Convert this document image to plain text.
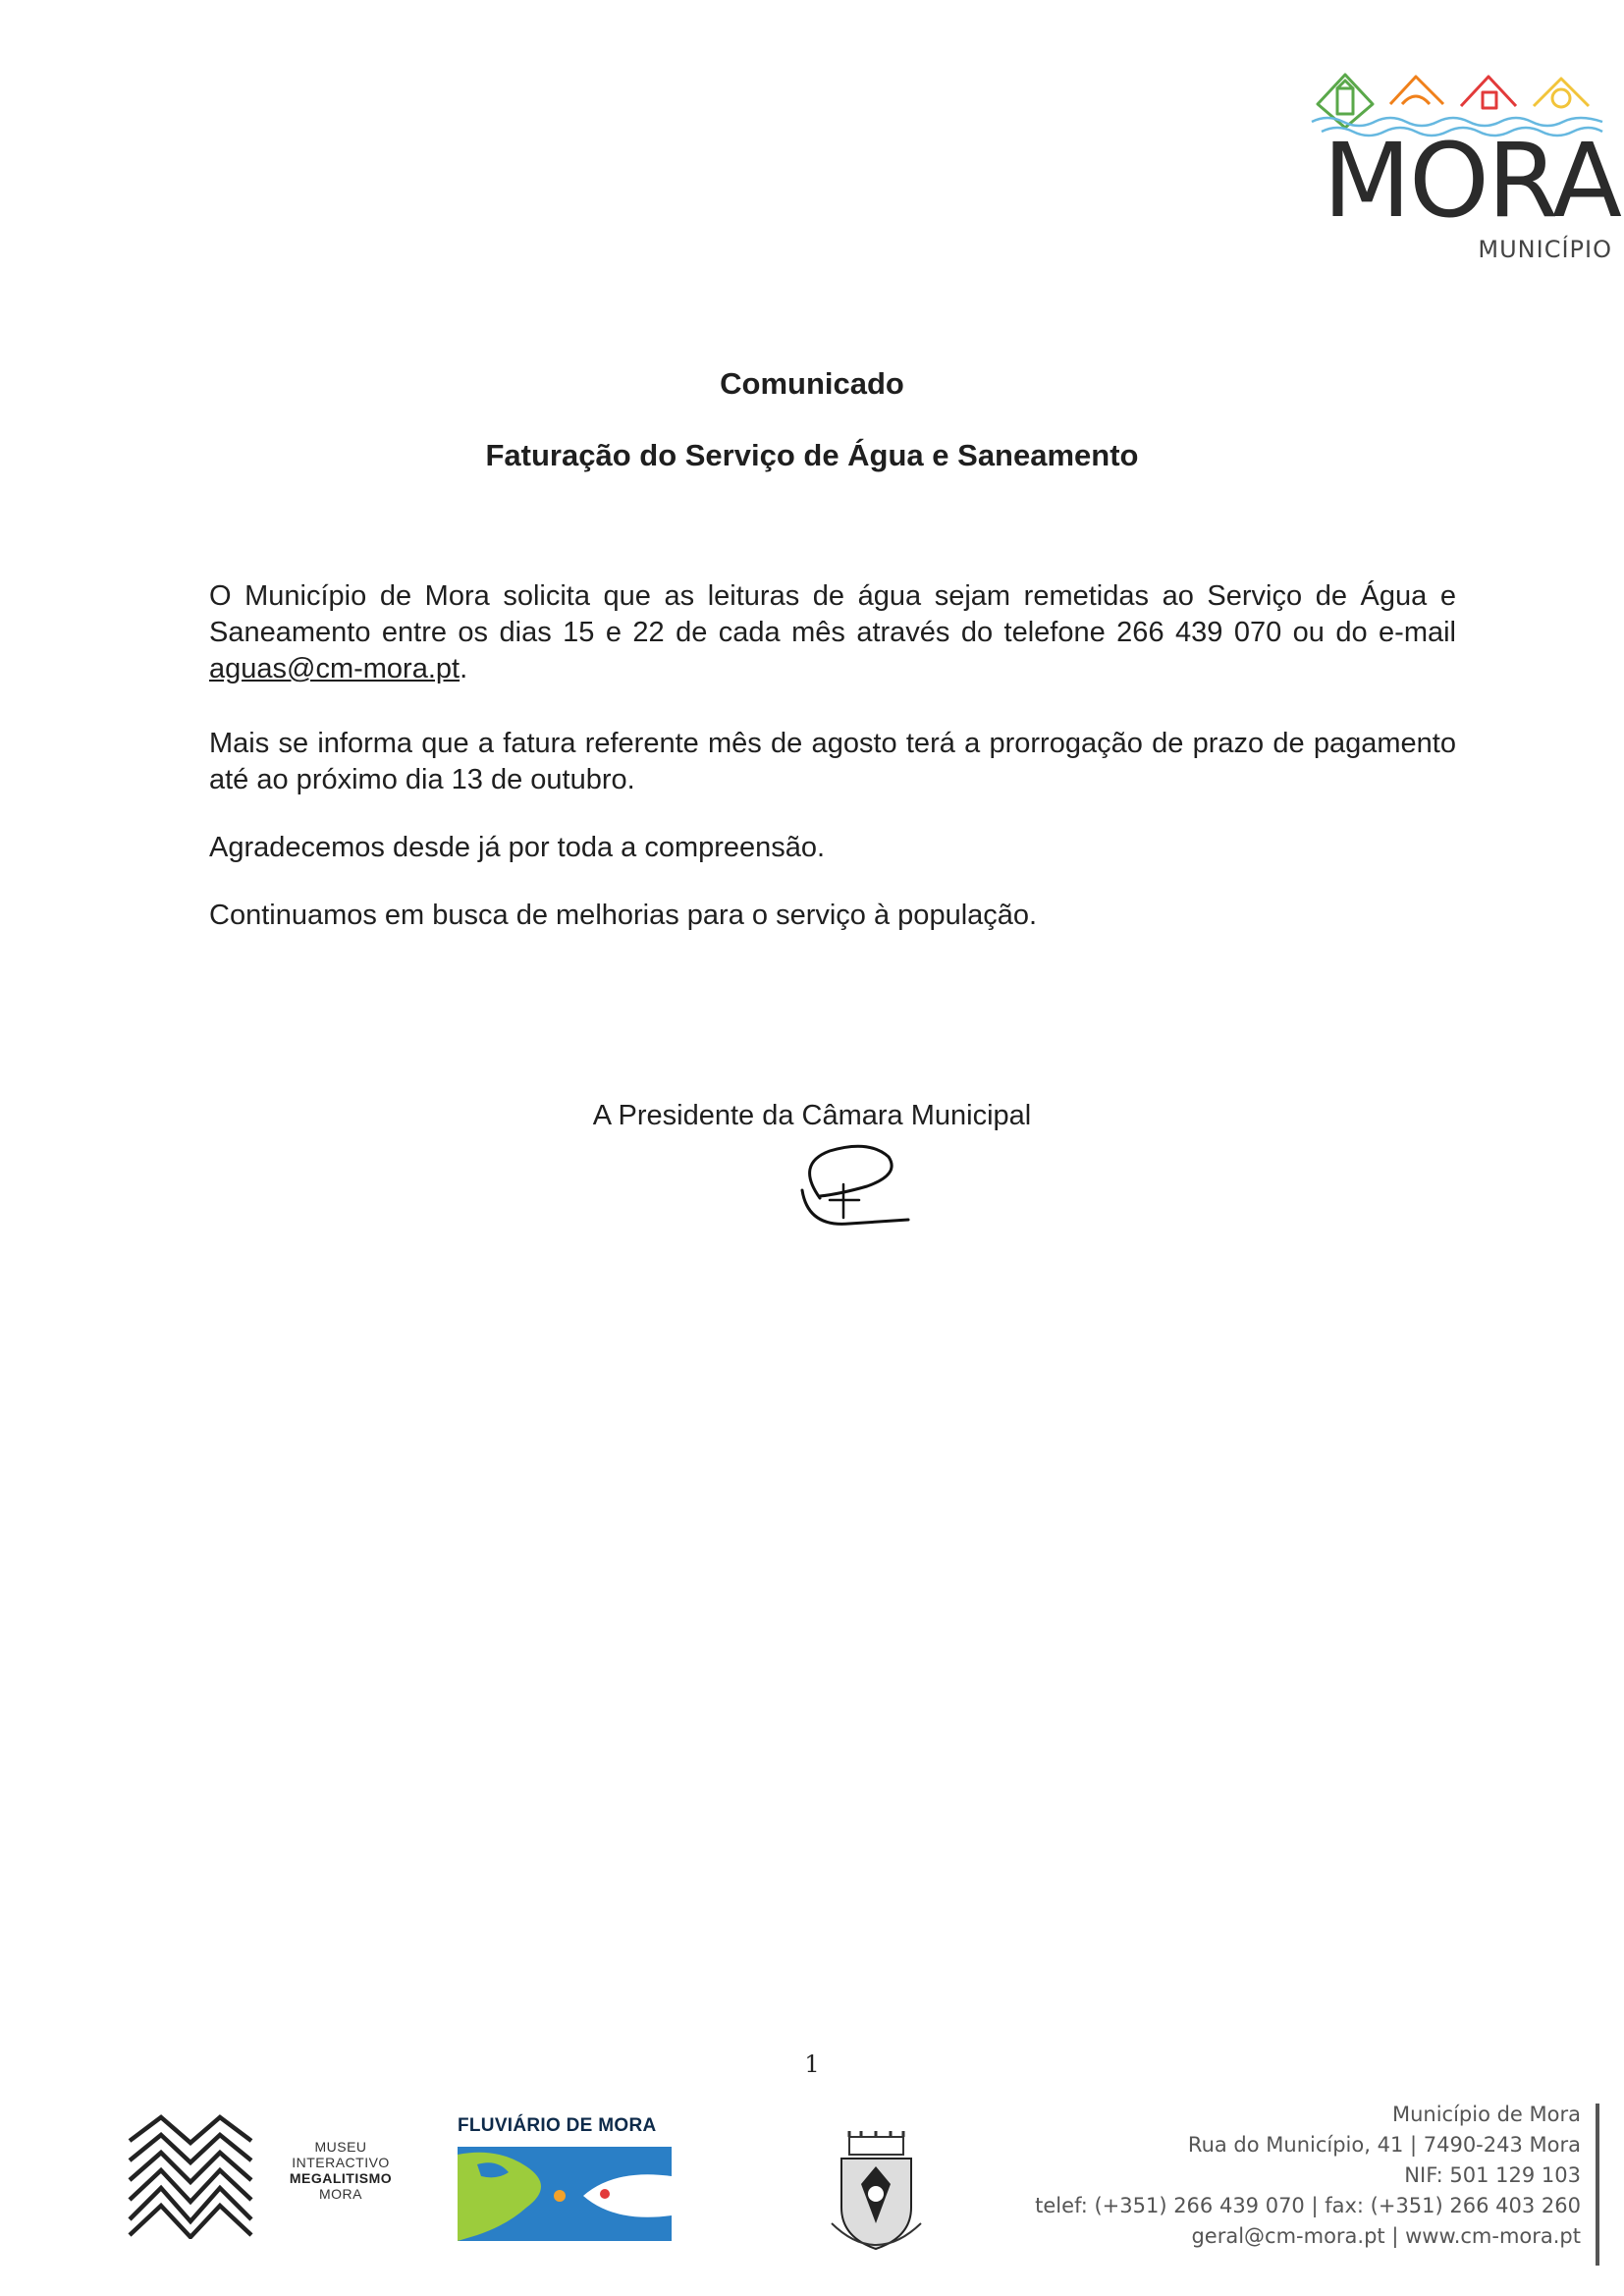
MORA
MUNICÍPIO
Comunicado
Faturação do Serviço de Água e Saneamento
O Município de Mora solicita que as leituras de água sejam remetidas ao Serviço de Água e Saneamento entre os dias 15 e 22 de cada mês através do telefone 266 439 070 ou do e-mail aguas@cm-mora.pt.
Mais se informa que a fatura referente mês de agosto terá a prorrogação de prazo de pagamento até ao próximo dia 13 de outubro.
Agradecemos desde já por toda a compreensão.
Continuamos em busca de melhorias para o serviço à população.
A Presidente da Câmara Municipal
1
MUSEU
INTERACTIVO
MEGALITISMO
MORA
FLUVIÁRIO DE MORA	Município de Mora
Rua do Município, 41 | 7490-243 Mora
NIF: 501 129 103
telef: (+351) 266 439 070 | fax: (+351) 266 403 260
geral@cm-mora.pt | www.cm-mora.pt
